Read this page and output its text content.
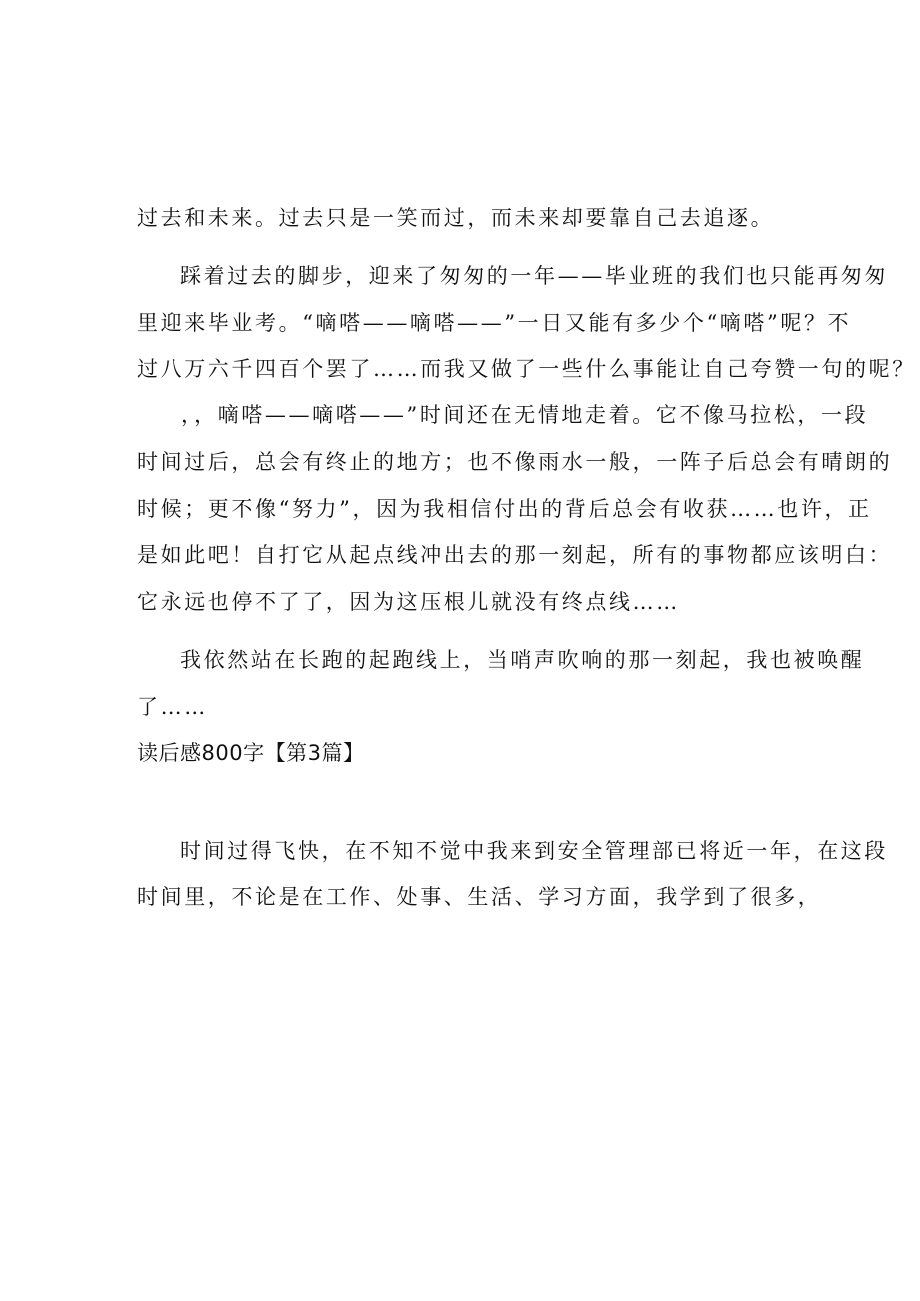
过去和未来。过去只是一笑而过，而未来却要靠自己去追逐。
踩着过去的脚步，迎来了匆匆的一年——毕业班的我们也只能再匆匆
里迎来毕业考。“嘀嗒——嘀嗒——”一日又能有多少个“嘀嗒”呢？不
过八万六千四百个罢了……而我又做了一些什么事能让自己夸赞一句的呢？
，，嘀嗒——嘀嗒——”时间还在无情地走着。它不像马拉松，一段
时间过后，总会有终止的地方；也不像雨水一般，一阵子后总会有晴朗的
时候；更不像“努力”，因为我相信付出的背后总会有收获……也许，正
是如此吧！自打它从起点线冲出去的那一刻起，所有的事物都应该明白：
它永远也停不了了，因为这压根儿就没有终点线……
我依然站在长跑的起跑线上，当哨声吹响的那一刻起，我也被唤醒
了……
读后感800字【第3篇】
时间过得飞快，在不知不觉中我来到安全管理部已将近一年，在这段
时间里，不论是在工作、处事、生活、学习方面，我学到了很多，
